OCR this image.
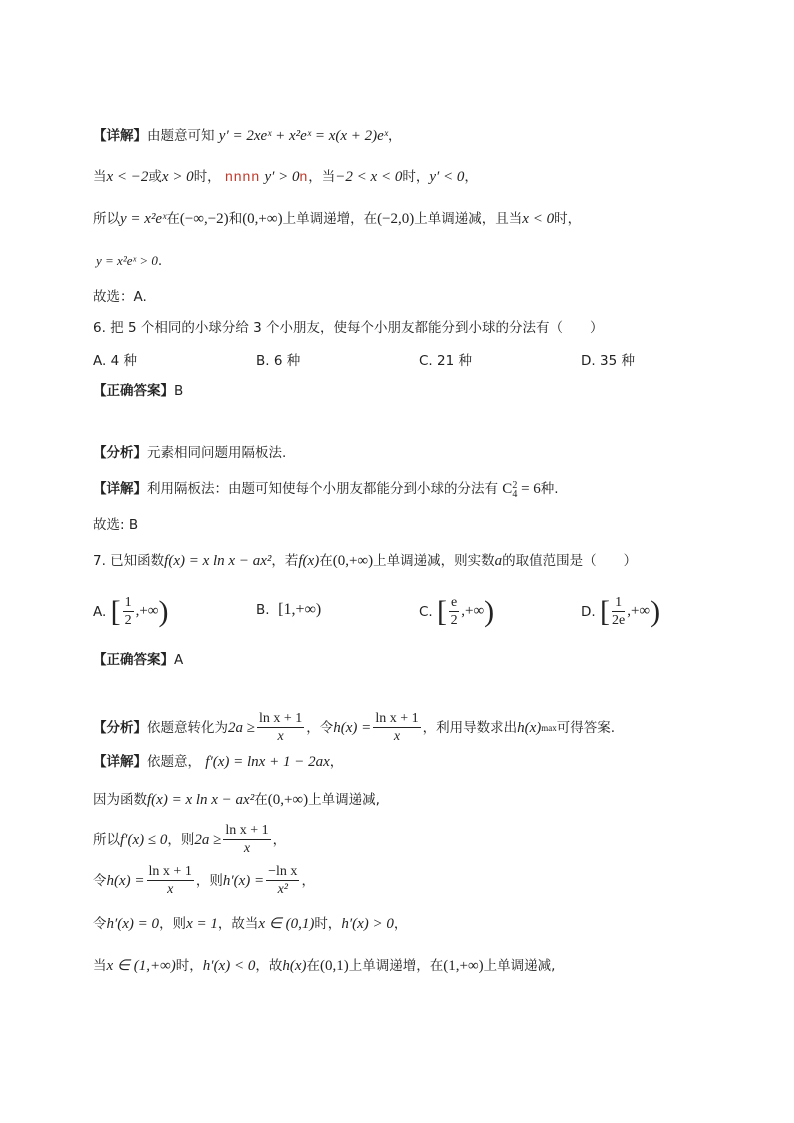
【详解】由题意可知 y′ = 2xeˣ + x²eˣ = x(x + 2)eˣ，
当x < −2或x > 0时， nnnn y′ > 0n，当−2 < x < 0时，y′ < 0，
所以y = x²eˣ在(−∞,−2)和(0,+∞)上单调递增，在(−2,0)上单调递减，且当x < 0时，
y = x²eˣ > 0.
故选：A.
6. 把 5 个相同的小球分给 3 个小朋友，使每个小朋友都能分到小球的分法有（　　）
A. 4 种	B. 6 种	C. 21 种	D. 35 种
【正确答案】B
【分析】元素相同问题用隔板法.
【详解】利用隔板法：由题可知使每个小朋友都能分到小球的分法有 C 2
4 = 6种.
故选: B
7. 已知函数f(x) = x ln x − ax²，若f(x)在(0,+∞)上单调递减，则实数a的取值范围是（　　）
A.
[ $\frac{1}{2}$ ,+∞ )	B. [1,+∞)	C.
[ $\frac{e}{2}$ ,+∞ )	D.
[ $\frac{1}{2e}$ ,+∞ )
【正确答案】A
【分析】 依题意转化为 $2a \ge \frac{\text{ln x + 1}}{x}$ ，令 $h(x) = \frac{\text{ln x + 1}}{x}$ ，利用导数求出 h(x) max 可得答案.
【详解】依题意， f′(x) = lnx + 1 − 2ax，
因为函数f(x) = x ln x − ax²在(0,+∞)上单调递减,
所以 f′(x) ≤ 0 ，则 $2a \ge \frac{\text{ln x + 1}}{x}$ ，
令 $h(x) = \frac{\text{ln x + 1}}{x}$ ，则 $h'(x) = \frac{\text{−ln x}}{\text{x²}}$ ，
令h′(x) = 0，则x = 1，故当x ∈ (0,1)时，h′(x) > 0，
当x ∈ (1,+∞)时，h′(x) < 0，故h(x)在(0,1)上单调递增，在(1,+∞)上单调递减,
